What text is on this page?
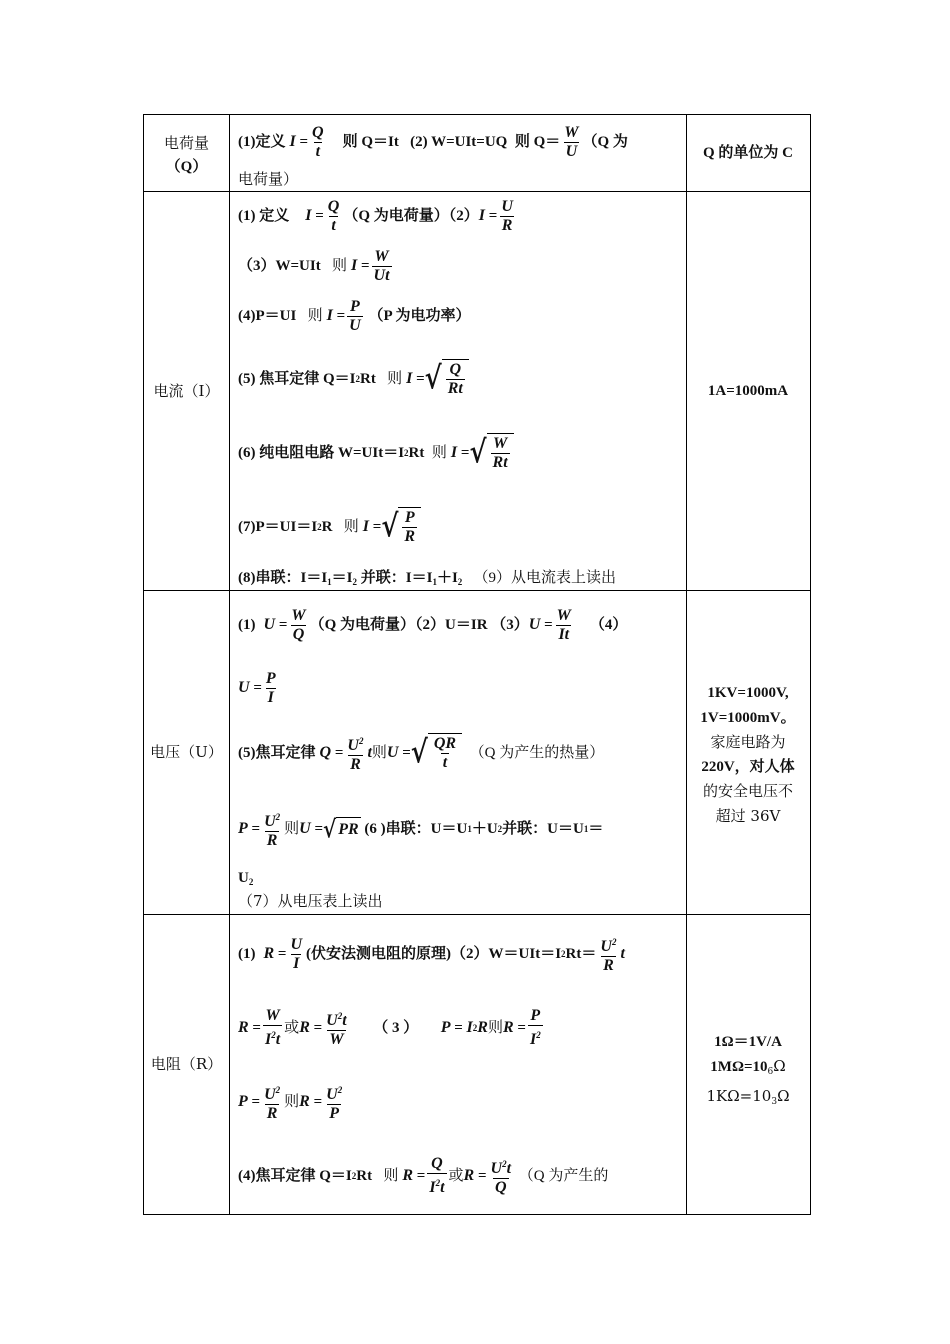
电荷量
（Q）
(1)定义 $I = \frac{Q}{t}$
则 Q＝It
(2) W=UIt=UQ
则 $Q= \frac{W}{U} (Q$ 为
电荷量）
Q 的单位为 C
电流（I）
(1) 定义 $I = \frac{Q}{t} (Q$ 为电荷量）（2） $I = \frac{U}{R}$
（3）W=UIt
则 $I = \frac{W}{Ut}$
(4)P＝UI
则 $I = \frac{P}{U}$
（P 为电功率）
(5) 焦耳定律 Q＝I 2 Rt
则 I = √ $\frac{Q}{Rt}$
(6) 纯电阻电路 W=UIt＝I 2 Rt
则 I = √ $\frac{W}{Rt}$
(7)P＝UI＝I 2 R
则 I = √ $\frac{P}{R}$
(8)串联：$I=I_1=I_2$ 并联：$I=I_1+I_2$ （9）从电流表上读出
1A=1000mA
电压（U）
(1) $U = \frac{W}{Q} (Q$ 为电荷量）（2）U＝IR （3） $U = \frac{W}{It}$
（4）
$U = \frac{P}{I}$
(5)焦耳定律 $Q = \frac{U^2}{R}$ t 则 U = √ $\frac{QR}{t}$
（Q 为产生的热量）
$P = \frac{U^2}{R}$ 则 U = √ PR
(6 )串联：U＝U 1 ＋U 2 并联：U＝U 1 ＝
$U_2$
（7）从电压表上读出
1KV=1000V,
1V=1000mV。
家庭电路为
220V，对人体
的安全电压不
超过 36V
电阻（R）
(1) $R = \frac{U}{I}$ (伏安法测电阻的原理)（2）W＝UIt＝I 2 $Rt= \frac{U^2}{R}$ t
$R = \frac{W}{I^2t}$ 或 $R = \frac{U^2t}{W}$
（ 3 ）
P = I 2 R 则 $R = \frac{P}{I^2}$
$P = \frac{U^2}{R}$ 则 $R = \frac{U^2}{P}$
(4)焦耳定律 Q＝I 2 Rt
则 $R = \frac{Q}{I^2t}$ 或 $R = \frac{U^2t}{Q}$
（Q 为产生的
1Ω＝1V/A
$1M\Omega=10_6\Omega$
$1K\Omega=10_3\Omega$
